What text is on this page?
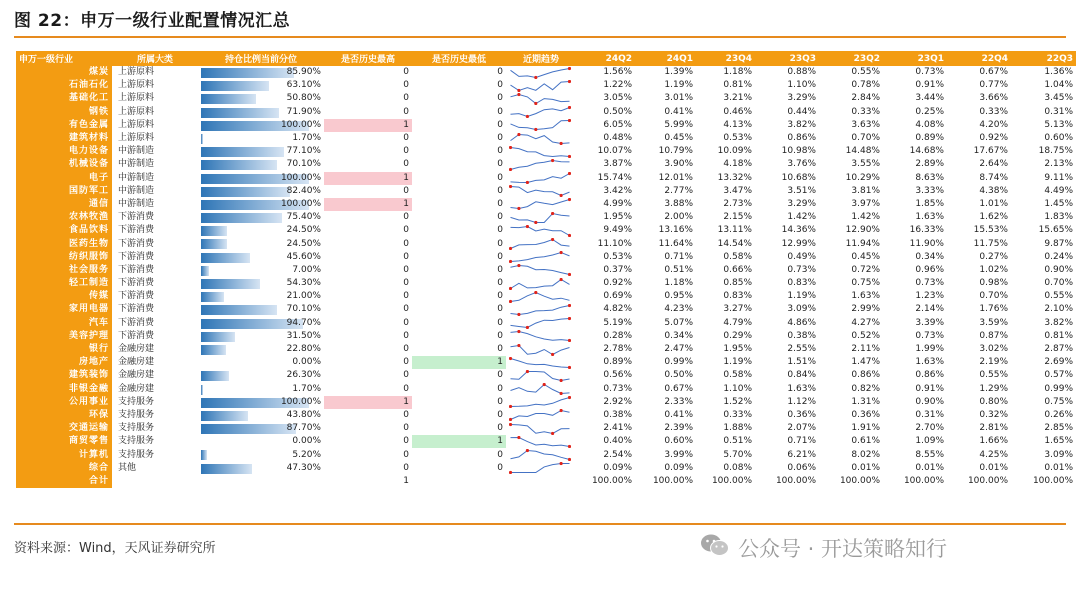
图 22：申万一级行业配置情况汇总
申万一级行业	所属大类	持仓比例当前分位	是否历史最高	是否历史最低	近期趋势	24Q2	24Q1	23Q4	23Q3	23Q2	23Q1	22Q4	22Q3
煤炭	上游原料	85.90%	0	0		1.56%	1.39%	1.18%	0.88%	0.55%	0.73%	0.67%	1.36%
石油石化	上游原料	63.10%	0	0		1.22%	1.19%	0.81%	1.10%	0.78%	0.91%	0.77%	1.04%
基础化工	上游原料	50.80%	0	0		3.05%	3.01%	3.21%	3.29%	2.84%	3.44%	3.66%	3.45%
钢铁	上游原料	71.90%	0	0		0.50%	0.41%	0.46%	0.44%	0.33%	0.25%	0.33%	0.31%
有色金属	上游原料	100.00%	1	0		6.05%	5.99%	4.13%	3.82%	3.63%	4.08%	4.20%	5.13%
建筑材料	上游原料	1.70%	0	0		0.48%	0.45%	0.53%	0.86%	0.70%	0.89%	0.92%	0.60%
电力设备	中游制造	77.10%	0	0		10.07%	10.79%	10.09%	10.98%	14.48%	14.68%	17.67%	18.75%
机械设备	中游制造	70.10%	0	0		3.87%	3.90%	4.18%	3.76%	3.55%	2.89%	2.64%	2.13%
电子	中游制造	100.00%	1	0		15.74%	12.01%	13.32%	10.68%	10.29%	8.63%	8.74%	9.11%
国防军工	中游制造	82.40%	0	0		3.42%	2.77%	3.47%	3.51%	3.81%	3.33%	4.38%	4.49%
通信	中游制造	100.00%	1	0		4.99%	3.88%	2.73%	3.29%	3.97%	1.85%	1.01%	1.45%
农林牧渔	下游消费	75.40%	0	0		1.95%	2.00%	2.15%	1.42%	1.42%	1.63%	1.62%	1.83%
食品饮料	下游消费	24.50%	0	0		9.49%	13.16%	13.11%	14.36%	12.90%	16.33%	15.53%	15.65%
医药生物	下游消费	24.50%	0	0		11.10%	11.64%	14.54%	12.99%	11.94%	11.90%	11.75%	9.87%
纺织服饰	下游消费	45.60%	0	0		0.53%	0.71%	0.58%	0.49%	0.45%	0.34%	0.27%	0.24%
社会服务	下游消费	7.00%	0	0		0.37%	0.51%	0.66%	0.73%	0.72%	0.96%	1.02%	0.90%
轻工制造	下游消费	54.30%	0	0		0.92%	1.18%	0.85%	0.83%	0.75%	0.73%	0.98%	0.70%
传媒	下游消费	21.00%	0	0		0.69%	0.95%	0.83%	1.19%	1.63%	1.23%	0.70%	0.55%
家用电器	下游消费	70.10%	0	0		4.82%	4.23%	3.27%	3.09%	2.99%	2.14%	1.76%	2.10%
汽车	下游消费	94.70%	0	0		5.19%	5.07%	4.79%	4.86%	4.27%	3.39%	3.59%	3.82%
美容护理	下游消费	31.50%	0	0		0.28%	0.34%	0.29%	0.38%	0.52%	0.73%	0.87%	0.81%
银行	金融房建	22.80%	0	0		2.78%	2.47%	1.95%	2.55%	2.11%	1.99%	3.02%	2.87%
房地产	金融房建	0.00%	0	1		0.89%	0.99%	1.19%	1.51%	1.47%	1.63%	2.19%	2.69%
建筑装饰	金融房建	26.30%	0	0		0.56%	0.50%	0.58%	0.84%	0.86%	0.86%	0.55%	0.57%
非银金融	金融房建	1.70%	0	0		0.73%	0.67%	1.10%	1.63%	0.82%	0.91%	1.29%	0.99%
公用事业	支持服务	100.00%	1	0		2.92%	2.33%	1.52%	1.12%	1.31%	0.90%	0.80%	0.75%
环保	支持服务	43.80%	0	0		0.38%	0.41%	0.33%	0.36%	0.36%	0.31%	0.32%	0.26%
交通运输	支持服务	87.70%	0	0		2.41%	2.39%	1.88%	2.07%	1.91%	2.70%	2.81%	2.85%
商贸零售	支持服务	0.00%	0	1		0.40%	0.60%	0.51%	0.71%	0.61%	1.09%	1.66%	1.65%
计算机	支持服务	5.20%	0	0		2.54%	3.99%	5.70%	6.21%	8.02%	8.55%	4.25%	3.09%
综合	其他	47.30%	0	0		0.09%	0.09%	0.08%	0.06%	0.01%	0.01%	0.01%	0.01%
合计			1			100.00%	100.00%	100.00%	100.00%	100.00%	100.00%	100.00%	100.00%
资料来源：Wind，天风证券研究所	公众号 · 开达策略知行
